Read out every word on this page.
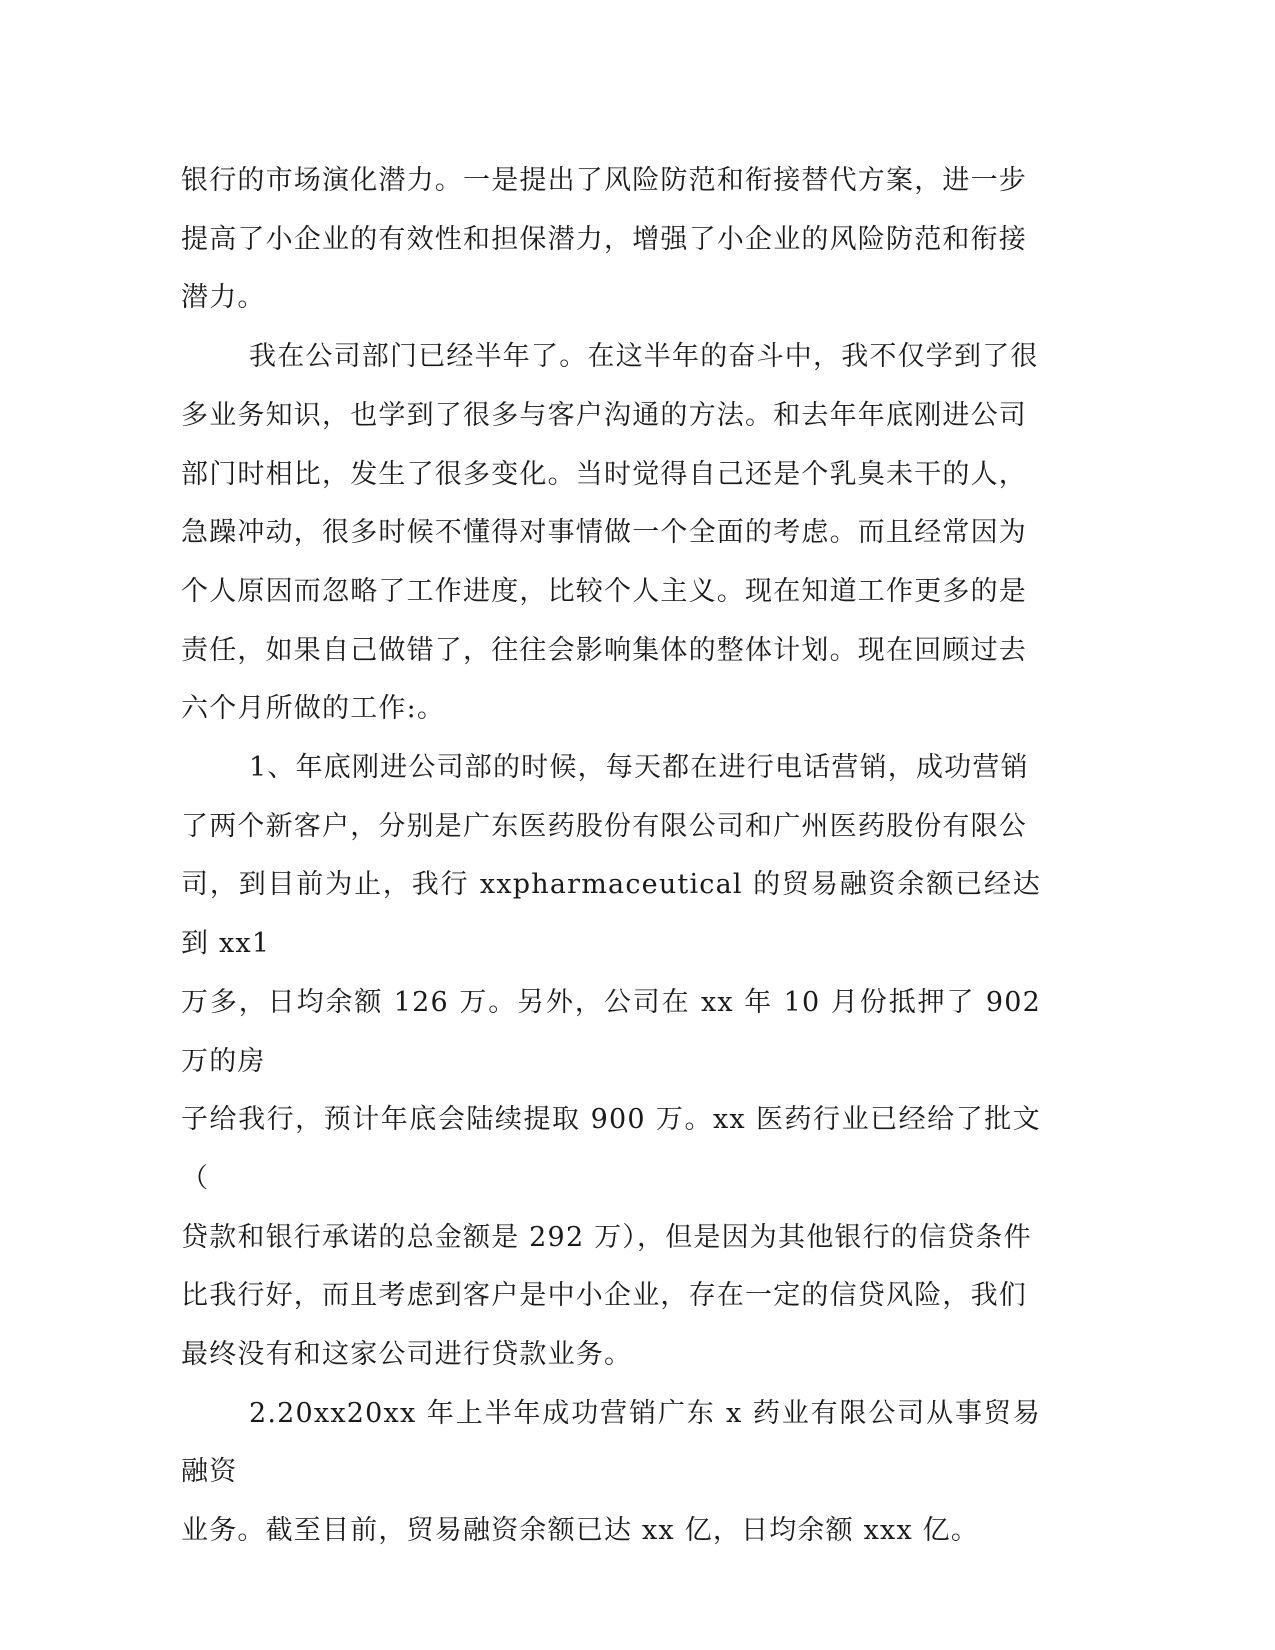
银行的市场演化潜力。一是提出了风险防范和衔接替代方案，进一步
提高了小企业的有效性和担保潜力，增强了小企业的风险防范和衔接
潜力。

我在公司部门已经半年了。在这半年的奋斗中，我不仅学到了很
多业务知识，也学到了很多与客户沟通的方法。和去年年底刚进公司
部门时相比，发生了很多变化。当时觉得自己还是个乳臭未干的人，
急躁冲动，很多时候不懂得对事情做一个全面的考虑。而且经常因为
个人原因而忽略了工作进度，比较个人主义。现在知道工作更多的是
责任，如果自己做错了，往往会影响集体的整体计划。现在回顾过去
六个月所做的工作:。

1、年底刚进公司部的时候，每天都在进行电话营销，成功营销
了两个新客户，分别是广东医药股份有限公司和广州医药股份有限公
司，到目前为止，我行 xxpharmaceutical 的贸易融资余额已经达到 xx1
万多，日均余额 126 万。另外，公司在 xx 年 10 月份抵押了 902 万的房
子给我行，预计年底会陆续提取 900 万。xx 医药行业已经给了批文（
贷款和银行承诺的总金额是 292 万），但是因为其他银行的信贷条件
比我行好，而且考虑到客户是中小企业，存在一定的信贷风险，我们
最终没有和这家公司进行贷款业务。

2.20xx20xx 年上半年成功营销广东 x 药业有限公司从事贸易融资
业务。截至目前，贸易融资余额已达 xx 亿，日均余额 xxx 亿。
